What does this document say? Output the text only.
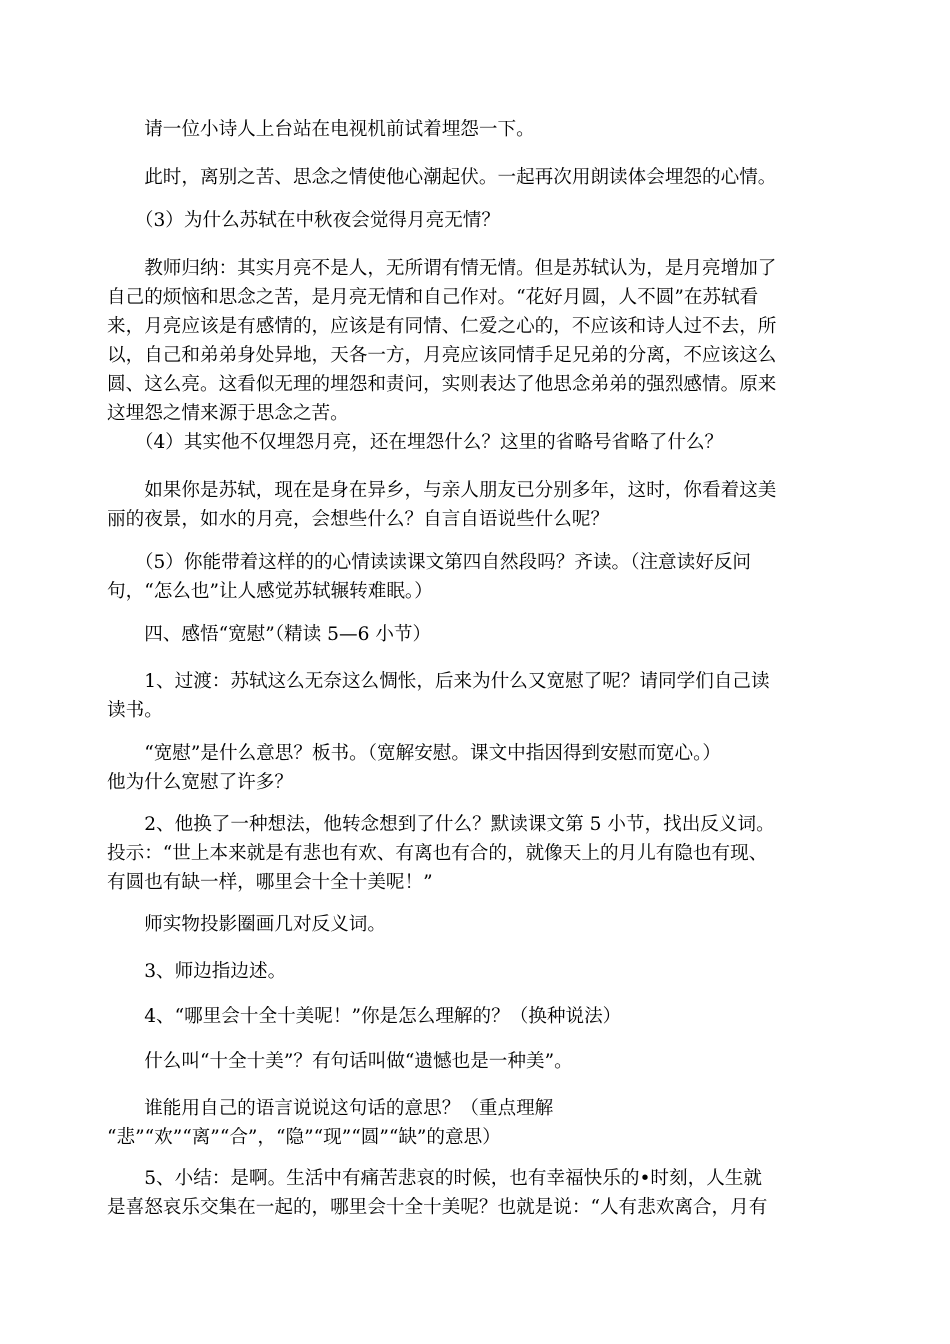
　　请一位小诗人上台站在电视机前试着埋怨一下。
　　此时，离别之苦、思念之情使他心潮起伏。一起再次用朗读体会埋怨的心情。
　　（3）为什么苏轼在中秋夜会觉得月亮无情？
　　教师归纳：其实月亮不是人，无所谓有情无情。但是苏轼认为，是月亮增加了
自己的烦恼和思念之苦，是月亮无情和自己作对。“花好月圆，人不圆”在苏轼看
来，月亮应该是有感情的，应该是有同情、仁爱之心的，不应该和诗人过不去，所
以，自己和弟弟身处异地，天各一方，月亮应该同情手足兄弟的分离，不应该这么
圆、这么亮。这看似无理的埋怨和责问，实则表达了他思念弟弟的强烈感情。原来
这埋怨之情来源于思念之苦。
　　（4）其实他不仅埋怨月亮，还在埋怨什么？这里的省略号省略了什么？
　　如果你是苏轼，现在是身在异乡，与亲人朋友已分别多年，这时，你看着这美
丽的夜景，如水的月亮，会想些什么？自言自语说些什么呢？
　　（5）你能带着这样的的心情读读课文第四自然段吗？齐读。（注意读好反问
句，“怎么也”让人感觉苏轼辗转难眠。）
　　四、感悟“宽慰”（精读 5—6 小节）
　　1、过渡：苏轼这么无奈这么惆怅，后来为什么又宽慰了呢？请同学们自己读
读书。
　　“宽慰”是什么意思？板书。（宽解安慰。课文中指因得到安慰而宽心。）
他为什么宽慰了许多？
　　2、他换了一种想法，他转念想到了什么？默读课文第 5 小节，找出反义词。
投示：“世上本来就是有悲也有欢、有离也有合的，就像天上的月儿有隐也有现、
有圆也有缺一样，哪里会十全十美呢！”
　　师实物投影圈画几对反义词。
　　3、师边指边述。
　　4、“哪里会十全十美呢！”你是怎么理解的？（换种说法）
　　什么叫“十全十美”？有句话叫做“遗憾也是一种美”。
　　谁能用自己的语言说说这句话的意思？（重点理解
“悲”“欢”“离”“合”，“隐”“现”“圆”“缺”的意思）
　　5、小结：是啊。生活中有痛苦悲哀的时候，也有幸福快乐的•时刻，人生就
是喜怒哀乐交集在一起的，哪里会十全十美呢？也就是说：“人有悲欢离合，月有
